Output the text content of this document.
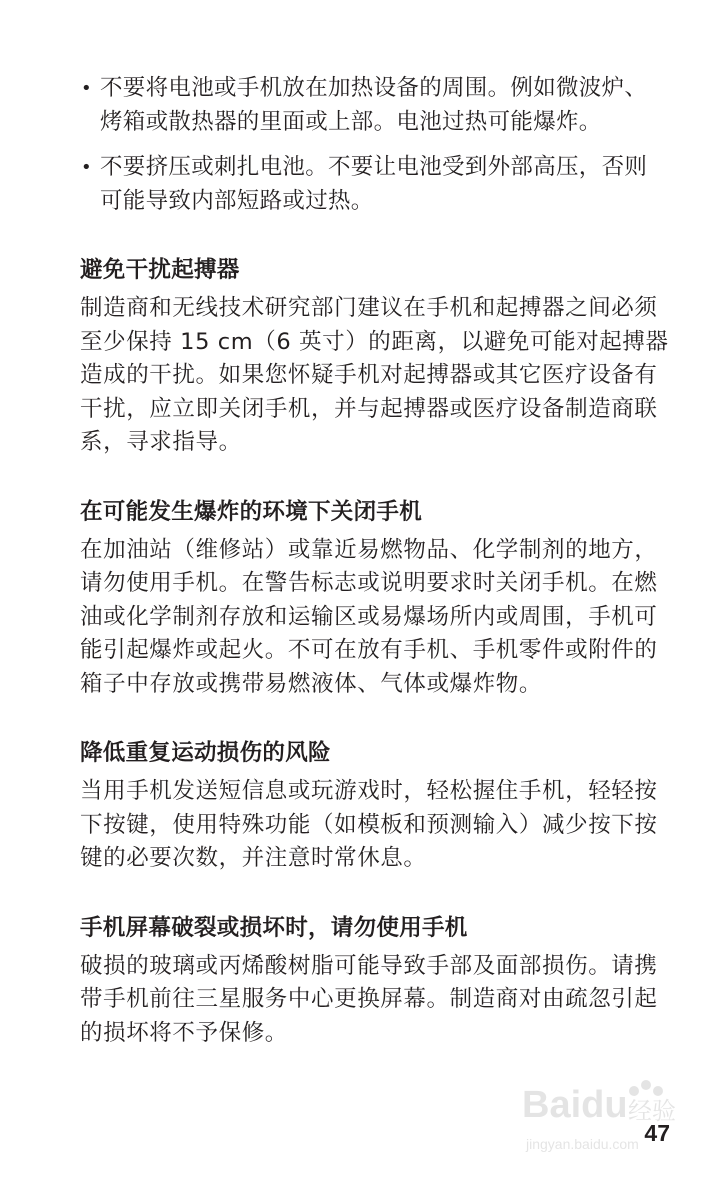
• 不要将电池或手机放在加热设备的周围。例如微波炉、烤箱或散热器的里面或上部。电池过热可能爆炸。
• 不要挤压或刺扎电池。不要让电池受到外部高压，否则可能导致内部短路或过热。
避免干扰起搏器

制造商和无线技术研究部门建议在手机和起搏器之间必须至少保持 15 cm（6 英寸）的距离，以避免可能对起搏器造成的干扰。如果您怀疑手机对起搏器或其它医疗设备有干扰，应立即关闭手机，并与起搏器或医疗设备制造商联系，寻求指导。

在可能发生爆炸的环境下关闭手机

在加油站（维修站）或靠近易燃物品、化学制剂的地方，请勿使用手机。在警告标志或说明要求时关闭手机。在燃油或化学制剂存放和运输区或易爆场所内或周围，手机可能引起爆炸或起火。不可在放有手机、手机零件或附件的箱子中存放或携带易燃液体、气体或爆炸物。

降低重复运动损伤的风险

当用手机发送短信息或玩游戏时，轻松握住手机，轻轻按下按键，使用特殊功能（如模板和预测输入）减少按下按键的必要次数，并注意时常休息。

手机屏幕破裂或损坏时，请勿使用手机

破损的玻璃或丙烯酸树脂可能导致手部及面部损伤。请携带手机前往三星服务中心更换屏幕。制造商对由疏忽引起的损坏将不予保修。

Baidu 经验
jingyan.baidu.com 47
